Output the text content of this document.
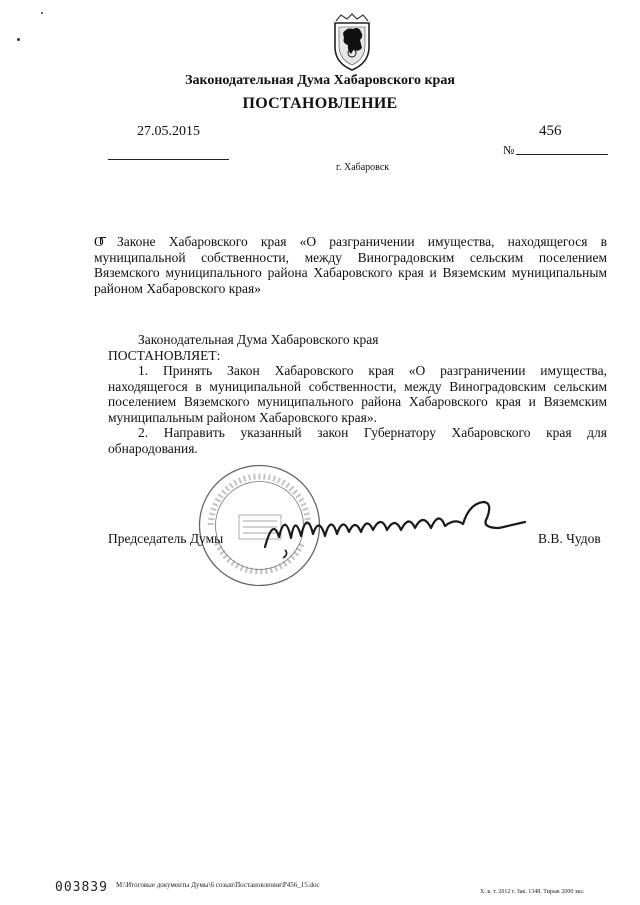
Законодательная Дума Хабаровского края
ПОСТАНОВЛЕНИЕ
27.05.2015	456
№
г. Хабаровск
О Законе Хабаровского края «О разграничении имущества, находящегося в муниципальной собственности, между Виноградовским сельским поселением Вяземского муниципального района Хабаровского края и Вяземским муниципальным районом Хабаровского края»

Законодательная Дума Хабаровского края

ПОСТАНОВЛЯЕТ:

1. Принять Закон Хабаровского края «О разграничении имущества, находящегося в муниципальной собственности, между Виноградовским сельским поселением Вяземского муниципального района Хабаровского края и Вяземским муниципальным районом Хабаровского края».

2. Направить указанный закон Губернатору Хабаровского края для обнародования.

Председатель Думы	В.В. Чудов
003839 M:\Итоговые документы Думы\6 созыв\Постановления\P456_15.doc
Х. к. т. 2012 г. Зак. 1348. Тираж 2000 экз.
